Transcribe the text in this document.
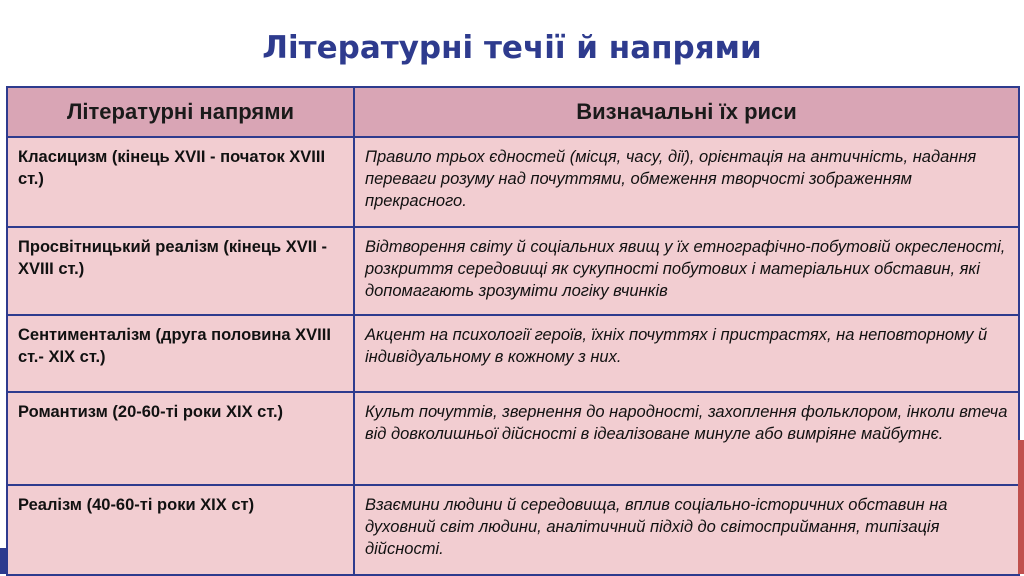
Літературні течії й напрями
Літературні напрями	Визначальні їх риси
Класицизм (кінець XVII - початок XVIII ст.)	Правило трьох єдностей (місця, часу, дії), орієнтація на античність, надання переваги розуму над почуттями, обмеження творчості зображенням прекрасного.
Просвітницький реалізм (кінець XVII - XVIII ст.)	Відтворення світу й соціальних явищ у їх етнографічно-побутовій окресленості, розкриття середовищі як сукупності побутових і матеріальних обставин, які допомагають зрозуміти логіку вчинків
Сентименталізм (друга половина XVIII ст.- XIX ст.)	Акцент на психології героїв, їхніх почуттях і пристрастях, на неповторному й індивідуальному в кожному з них.
Романтизм (20-60-ті роки XIX ст.)	Культ почуттів, звернення до народності, захоплення фольклором, інколи втеча від довколишньої дійсності в ідеалізоване минуле або вимріяне майбутнє.
Реалізм (40-60-ті роки XIX ст)	Взаємини людини й середовища, вплив соціально-історичних обставин на духовний світ людини, аналітичний підхід до світосприймання, типізація дійсності.
